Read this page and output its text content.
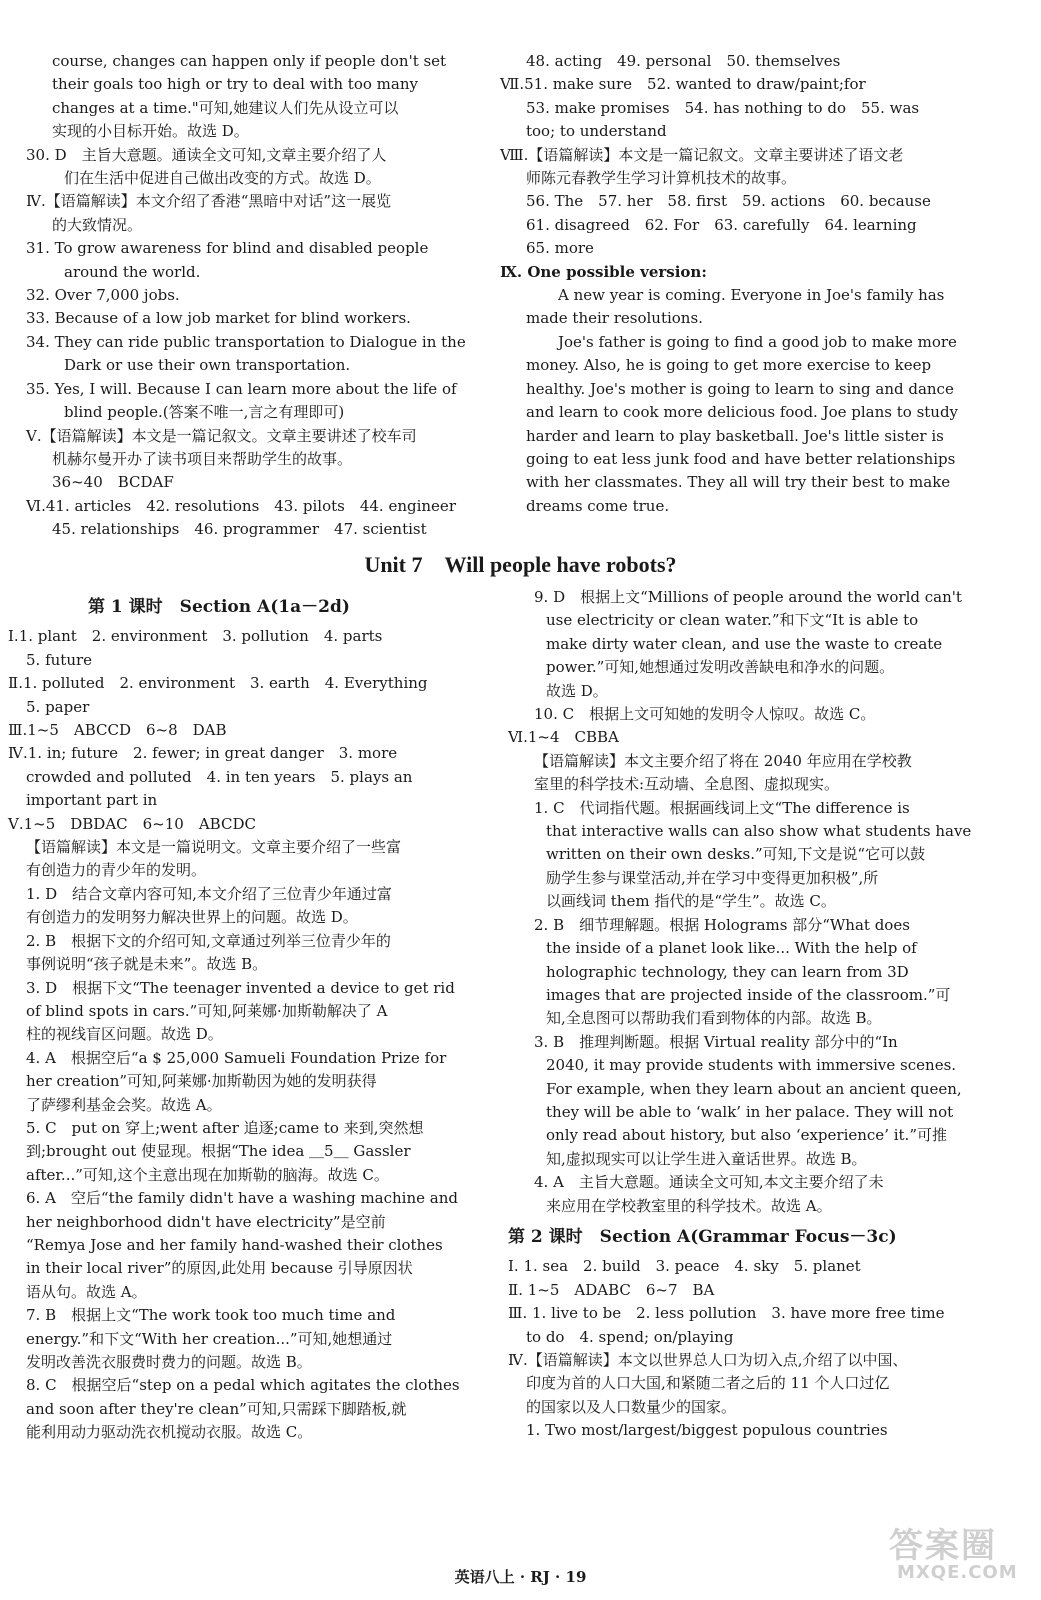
course, changes can happen only if people don't set
their goals too high or try to deal with too many
changes at a time."可知,她建议人们先从设立可以
实现的小目标开始。故选 D。
30. D　主旨大意题。通读全文可知,文章主要介绍了人
们在生活中促进自己做出改变的方式。故选 D。
Ⅳ.【语篇解读】本文介绍了香港“黑暗中对话”这一展览
的大致情况。
31. To grow awareness for blind and disabled people
around the world.
32. Over 7,000 jobs.
33. Because of a low job market for blind workers.
34. They can ride public transportation to Dialogue in the
Dark or use their own transportation.
35. Yes, I will. Because I can learn more about the life of
blind people.(答案不唯一,言之有理即可)
Ⅴ.【语篇解读】本文是一篇记叙文。文章主要讲述了校车司
机赫尔曼开办了读书项目来帮助学生的故事。
36~40　BCDAF
Ⅵ.41. articles　42. resolutions　43. pilots　44. engineer
45. relationships　46. programmer　47. scientist
48. acting　49. personal　50. themselves
Ⅶ.51. make sure　52. wanted to draw/paint;for
53. make promises　54. has nothing to do　55. was
too; to understand
Ⅷ.【语篇解读】本文是一篇记叙文。文章主要讲述了语文老
师陈元春教学生学习计算机技术的故事。
56. The　57. her　58. first　59. actions　60. because
61. disagreed　62. For　63. carefully　64. learning
65. more
Ⅸ. One possible version:
A new year is coming. Everyone in Joe's family has
made their resolutions.
Joe's father is going to find a good job to make more
money. Also, he is going to get more exercise to keep
healthy. Joe's mother is going to learn to sing and dance
and learn to cook more delicious food. Joe plans to study
harder and learn to play basketball. Joe's little sister is
going to eat less junk food and have better relationships
with her classmates. They all will try their best to make
dreams come true.
Unit 7　Will people have robots?
第 1 课时　Section A(1a－2d)
Ⅰ.1. plant　2. environment　3. pollution　4. parts
5. future
Ⅱ.1. polluted　2. environment　3. earth　4. Everything
5. paper
Ⅲ.1~5　ABCCD　6~8　DAB
Ⅳ.1. in; future　2. fewer; in great danger　3. more
crowded and polluted　4. in ten years　5. plays an
important part in
Ⅴ.1~5　DBDAC　6~10　ABCDC
【语篇解读】本文是一篇说明文。文章主要介绍了一些富
有创造力的青少年的发明。
1. D　结合文章内容可知,本文介绍了三位青少年通过富
有创造力的发明努力解决世界上的问题。故选 D。
2. B　根据下文的介绍可知,文章通过列举三位青少年的
事例说明“孩子就是未来”。故选 B。
3. D　根据下文“The teenager invented a device to get rid
of blind spots in cars.”可知,阿莱娜·加斯勒解决了 A
柱的视线盲区问题。故选 D。
4. A　根据空后“a $ 25,000 Samueli Foundation Prize for
her creation”可知,阿莱娜·加斯勒因为她的发明获得
了萨缪利基金会奖。故选 A。
5. C　put on 穿上;went after 追逐;came to 来到,突然想
到;brought out 使显现。根据“The idea ＿5＿ Gassler
after...”可知,这个主意出现在加斯勒的脑海。故选 C。
6. A　空后“the family didn't have a washing machine and
her neighborhood didn't have electricity”是空前
“Remya Jose and her family hand-washed their clothes
in their local river”的原因,此处用 because 引导原因状
语从句。故选 A。
7. B　根据上文“The work took too much time and
energy.”和下文“With her creation...”可知,她想通过
发明改善洗衣服费时费力的问题。故选 B。
8. C　根据空后“step on a pedal which agitates the clothes
and soon after they're clean”可知,只需踩下脚踏板,就
能利用动力驱动洗衣机搅动衣服。故选 C。
9. D　根据上文“Millions of people around the world can't
use electricity or clean water.”和下文“It is able to
make dirty water clean, and use the waste to create
power.”可知,她想通过发明改善缺电和净水的问题。
故选 D。
10. C　根据上文可知她的发明令人惊叹。故选 C。
Ⅵ.1~4　CBBA
【语篇解读】本文主要介绍了将在 2040 年应用在学校教
室里的科学技术:互动墙、全息图、虚拟现实。
1. C　代词指代题。根据画线词上文“The difference is
that interactive walls can also show what students have
written on their own desks.”可知,下文是说“它可以鼓
励学生参与课堂活动,并在学习中变得更加积极”,所
以画线词 them 指代的是“学生”。故选 C。
2. B　细节理解题。根据 Holograms 部分“What does
the inside of a planet look like... With the help of
holographic technology, they can learn from 3D
images that are projected inside of the classroom.”可
知,全息图可以帮助我们看到物体的内部。故选 B。
3. B　推理判断题。根据 Virtual reality 部分中的“In
2040, it may provide students with immersive scenes.
For example, when they learn about an ancient queen,
they will be able to ‘walk’ in her palace. They will not
only read about history, but also ‘experience’ it.”可推
知,虚拟现实可以让学生进入童话世界。故选 B。
4. A　主旨大意题。通读全文可知,本文主要介绍了未
来应用在学校教室里的科学技术。故选 A。
第 2 课时　Section A(Grammar Focus－3c)
Ⅰ. 1. sea　2. build　3. peace　4. sky　5. planet
Ⅱ. 1~5　ADABC　6~7　BA
Ⅲ. 1. live to be　2. less pollution　3. have more free time
to do　4. spend; on/playing
Ⅳ.【语篇解读】本文以世界总人口为切入点,介绍了以中国、
印度为首的人口大国,和紧随二者之后的 11 个人口过亿
的国家以及人口数量少的国家。
1. Two most/largest/biggest populous countries
英语八上 · RJ · 19
答案圈
MXQE.COM
